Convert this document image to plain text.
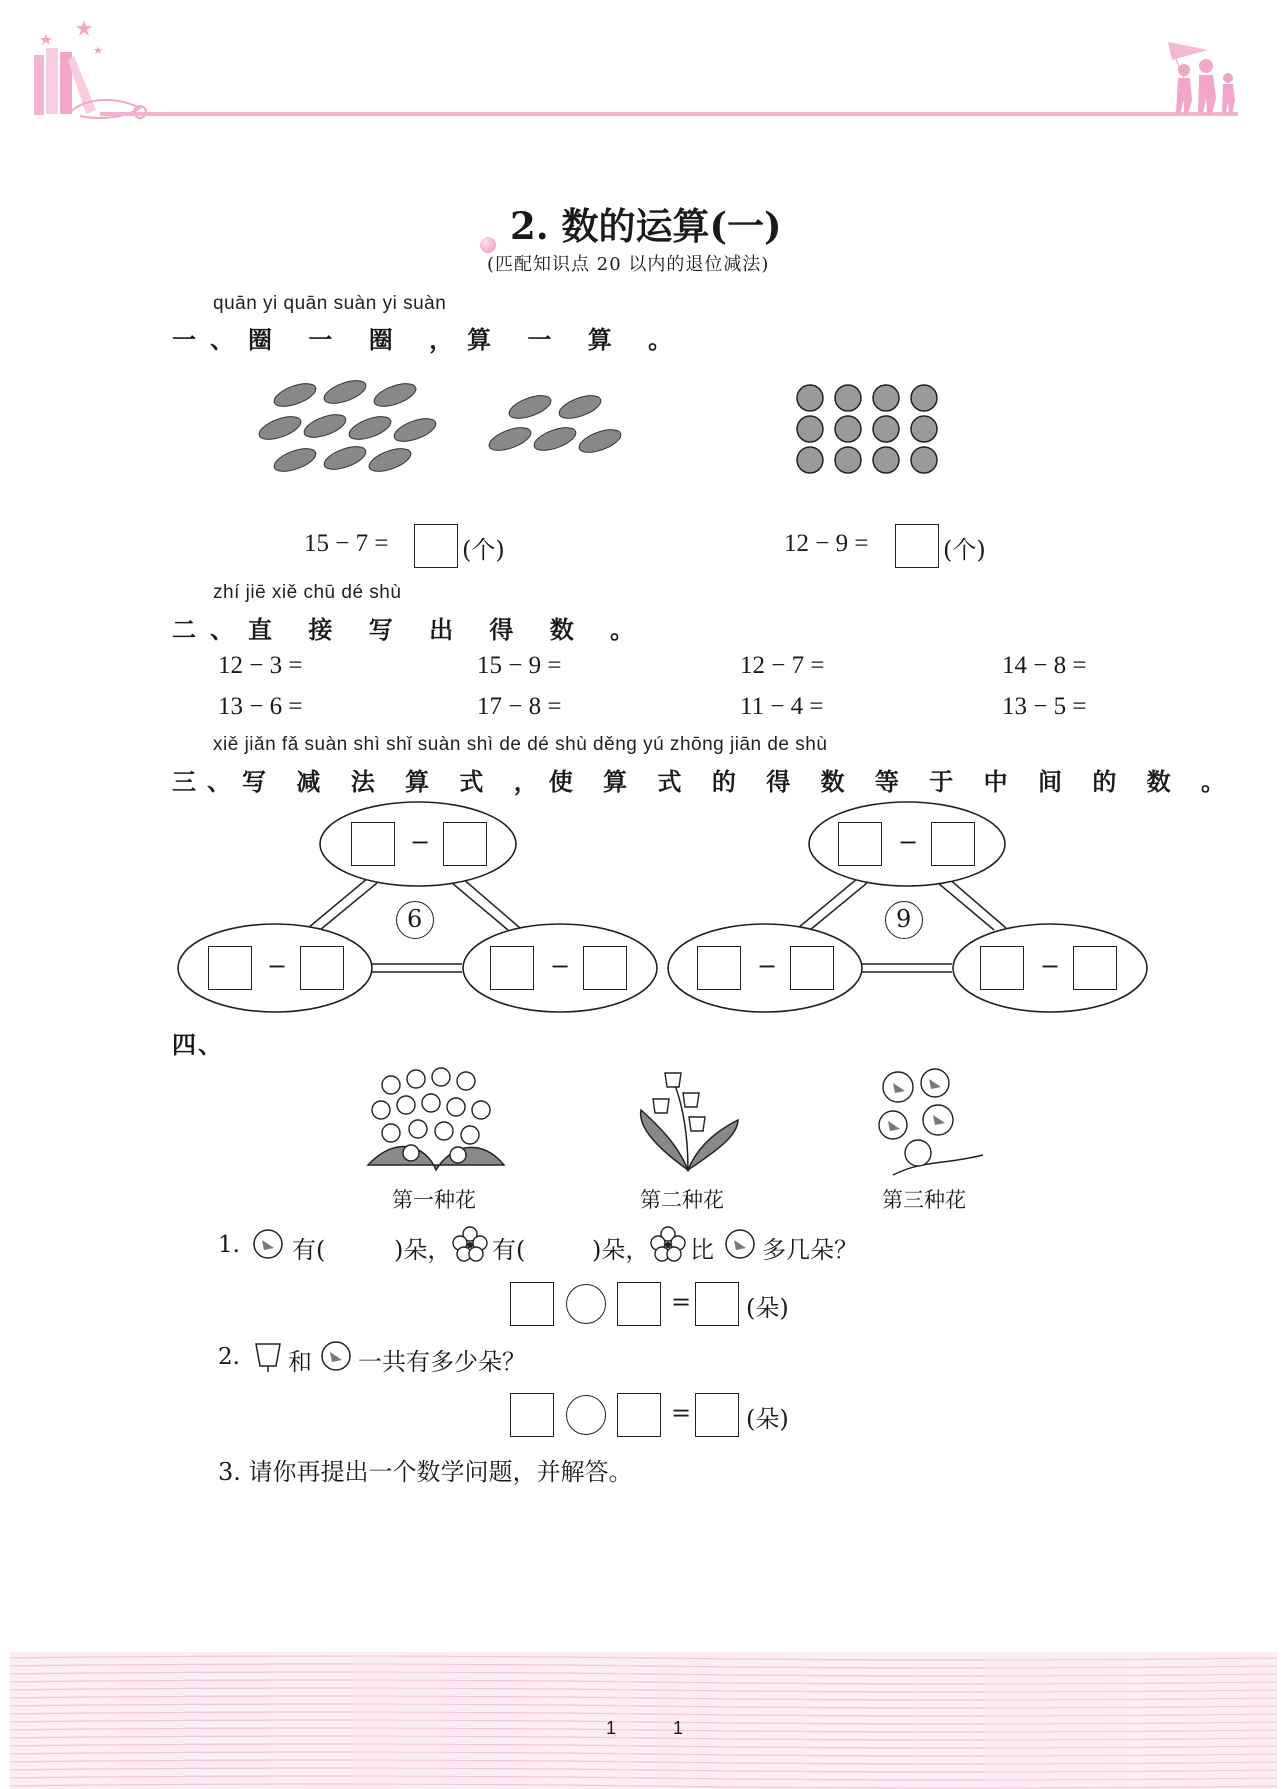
2. 数的运算(一)
(匹配知识点 20 以内的退位减法)
quān yi quān suàn yi suàn
一、圈 一 圈 ，算 一 算 。
15 − 7 =	(个)	12 − 9 =	(个)
zhí jiē xiě chū dé shù
二、直 接 写 出 得 数 。
12 − 3 =	15 − 9 =	12 − 7 =	14 − 8 =
13 − 6 =	17 − 8 =	11 − 4 =	13 − 5 =
xiě jiǎn fǎ suàn shì shǐ suàn shì de dé shù děng yú zhōng jiān de shù
三、写 减 法 算 式 ，使 算 式 的 得 数 等 于 中 间 的 数 。
−
6
−	−
−
9
−	−
四、
第一种花	第二种花	第三种花
1. 有(	)朵， 有(	)朵， 比 多几朵？
= (朵)
2. 和 一共有多少朵？
= (朵)
3. 请你再提出一个数学问题，并解答。
1	1
